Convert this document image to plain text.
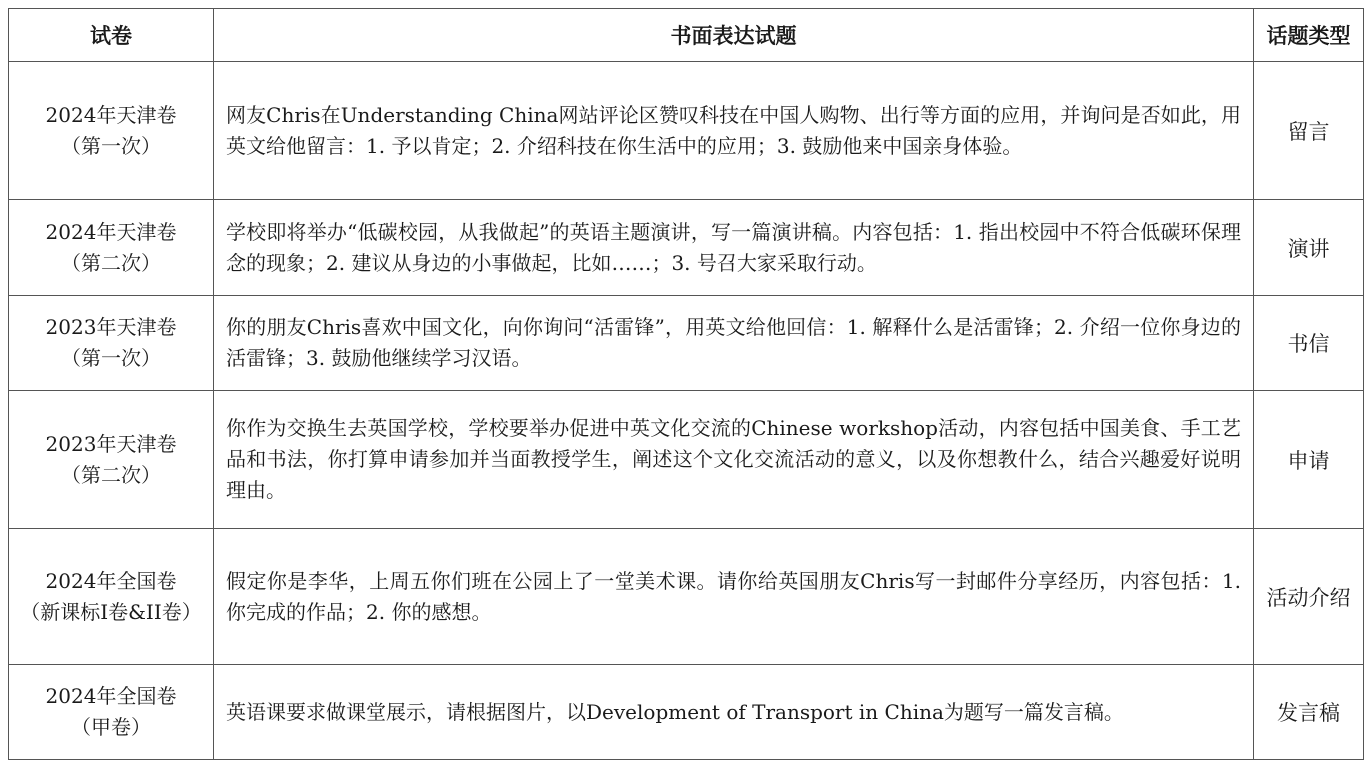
试卷	书面表达试题	话题类型

2024年天津卷
（第一次）	网友Chris在Understanding China网站评论区赞叹科技在中国人购物、出行等方面的应用，并询问是否如此，用英文给他留言：1. 予以肯定；2. 介绍科技在你生活中的应用；3. 鼓励他来中国亲身体验。	留言

2024年天津卷
（第二次）	学校即将举办“低碳校园，从我做起”的英语主题演讲，写一篇演讲稿。内容包括：1. 指出校园中不符合低碳环保理念的现象；2. 建议从身边的小事做起，比如……；3. 号召大家采取行动。	演讲

2023年天津卷
（第一次）	你的朋友Chris喜欢中国文化，向你询问“活雷锋”，用英文给他回信：1. 解释什么是活雷锋；2. 介绍一位你身边的活雷锋；3. 鼓励他继续学习汉语。	书信

2023年天津卷
（第二次）	你作为交换生去英国学校，学校要举办促进中英文化交流的Chinese workshop活动，内容包括中国美食、手工艺品和书法，你打算申请参加并当面教授学生，阐述这个文化交流活动的意义，以及你想教什么，结合兴趣爱好说明理由。	申请

2024年全国卷
（新课标I卷&II卷）	假定你是李华，上周五你们班在公园上了一堂美术课。请你给英国朋友Chris写一封邮件分享经历，内容包括：1. 你完成的作品；2. 你的感想。	活动介绍

2024年全国卷
（甲卷）	英语课要求做课堂展示，请根据图片，以Development of Transport in China为题写一篇发言稿。	发言稿
